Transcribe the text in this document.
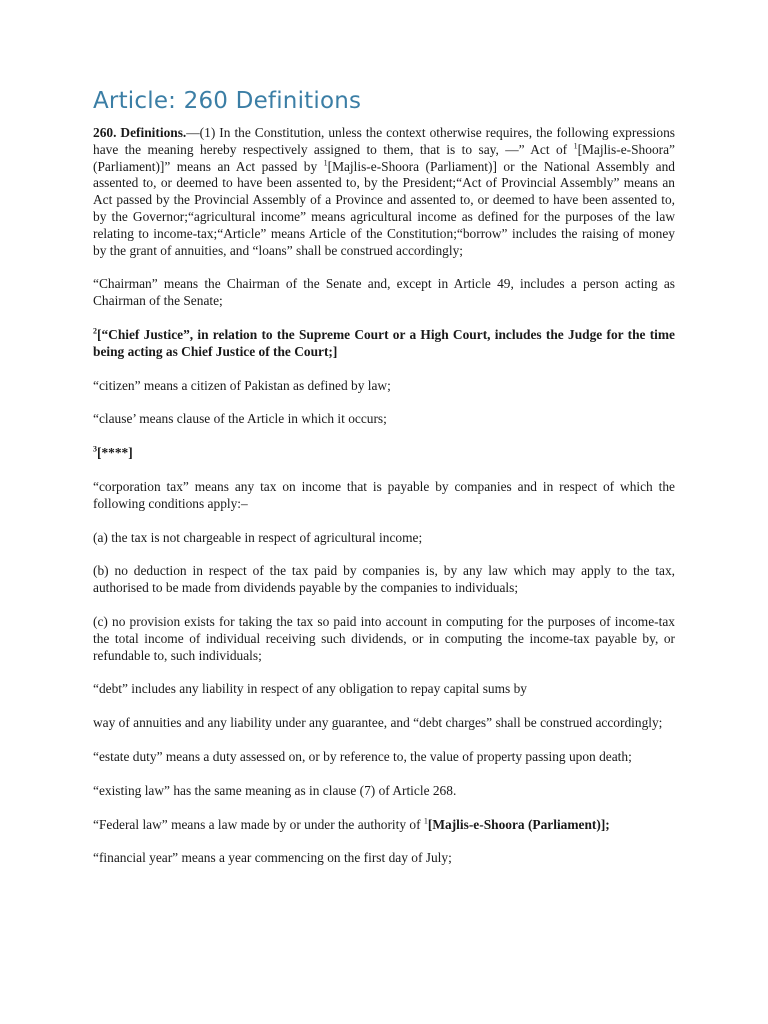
Article: 260 Definitions

260. Definitions.—(1) In the Constitution, unless the context otherwise requires, the following expressions have the meaning hereby respectively assigned to them, that is to say, —” Act of $^1$[Majlis-e-Shoora” (Parliament)]” means an Act passed by $^1$[Majlis-e-Shoora (Parliament)] or the National Assembly and assented to, or deemed to have been assented to, by the President;“Act of Provincial Assembly” means an Act passed by the Provincial Assembly of a Province and assented to, or deemed to have been assented to, by the Governor;“agricultural income” means agricultural income as defined for the purposes of the law relating to income-tax;“Article” means Article of the Constitution;“borrow” includes the raising of money by the grant of annuities, and “loans” shall be construed accordingly;

“Chairman” means the Chairman of the Senate and, except in Article 49, includes a person acting as Chairman of the Senate;

$^2$[“Chief Justice”, in relation to the Supreme Court or a High Court, includes the Judge for the time being acting as Chief Justice of the Court;]

“citizen” means a citizen of Pakistan as defined by law;

“clause’ means clause of the Article in which it occurs;

$^3$[****]

“corporation tax” means any tax on income that is payable by companies and in respect of which the following conditions apply:–

(a) the tax is not chargeable in respect of agricultural income;

(b) no deduction in respect of the tax paid by companies is, by any law which may apply to the tax, authorised to be made from dividends payable by the companies to individuals;

(c) no provision exists for taking the tax so paid into account in computing for the purposes of income-tax the total income of individual receiving such dividends, or in computing the income-tax payable by, or refundable to, such individuals;

“debt” includes any liability in respect of any obligation to repay capital sums by

way of annuities and any liability under any guarantee, and “debt charges” shall be construed accordingly;

“estate duty” means a duty assessed on, or by reference to, the value of property passing upon death;

“existing law” has the same meaning as in clause (7) of Article 268.

“Federal law” means a law made by or under the authority of $^1$[Majlis-e-Shoora (Parliament)];

“financial year” means a year commencing on the first day of July;
